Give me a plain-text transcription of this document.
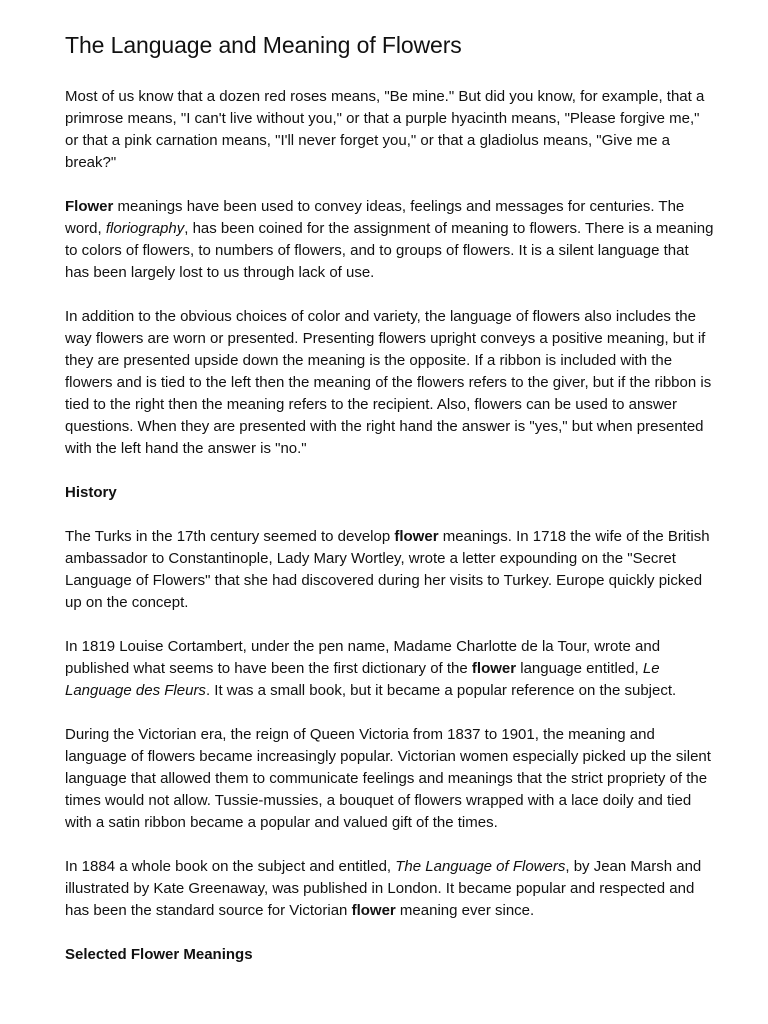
The Language and Meaning of Flowers

Most of us know that a dozen red roses means, "Be mine." But did you know, for example, that a primrose means, "I can't live without you," or that a purple hyacinth means, "Please forgive me," or that a pink carnation means, "I'll never forget you," or that a gladiolus means, "Give me a break?"

Flower meanings have been used to convey ideas, feelings and messages for centuries. The word, floriography, has been coined for the assignment of meaning to flowers. There is a meaning to colors of flowers, to numbers of flowers, and to groups of flowers. It is a silent language that has been largely lost to us through lack of use.

In addition to the obvious choices of color and variety, the language of flowers also includes the way flowers are worn or presented. Presenting flowers upright conveys a positive meaning, but if they are presented upside down the meaning is the opposite. If a ribbon is included with the flowers and is tied to the left then the meaning of the flowers refers to the giver, but if the ribbon is tied to the right then the meaning refers to the recipient. Also, flowers can be used to answer questions. When they are presented with the right hand the answer is "yes," but when presented with the left hand the answer is "no."

History

The Turks in the 17th century seemed to develop flower meanings. In 1718 the wife of the British ambassador to Constantinople, Lady Mary Wortley, wrote a letter expounding on the "Secret Language of Flowers" that she had discovered during her visits to Turkey. Europe quickly picked up on the concept.

In 1819 Louise Cortambert, under the pen name, Madame Charlotte de la Tour, wrote and published what seems to have been the first dictionary of the flower language entitled, Le Language des Fleurs. It was a small book, but it became a popular reference on the subject.

During the Victorian era, the reign of Queen Victoria from 1837 to 1901, the meaning and language of flowers became increasingly popular. Victorian women especially picked up the silent language that allowed them to communicate feelings and meanings that the strict propriety of the times would not allow. Tussie-mussies, a bouquet of flowers wrapped with a lace doily and tied with a satin ribbon became a popular and valued gift of the times.

In 1884 a whole book on the subject and entitled, The Language of Flowers, by Jean Marsh and illustrated by Kate Greenaway, was published in London. It became popular and respected and has been the standard source for Victorian flower meaning ever since.

Selected Flower Meanings
